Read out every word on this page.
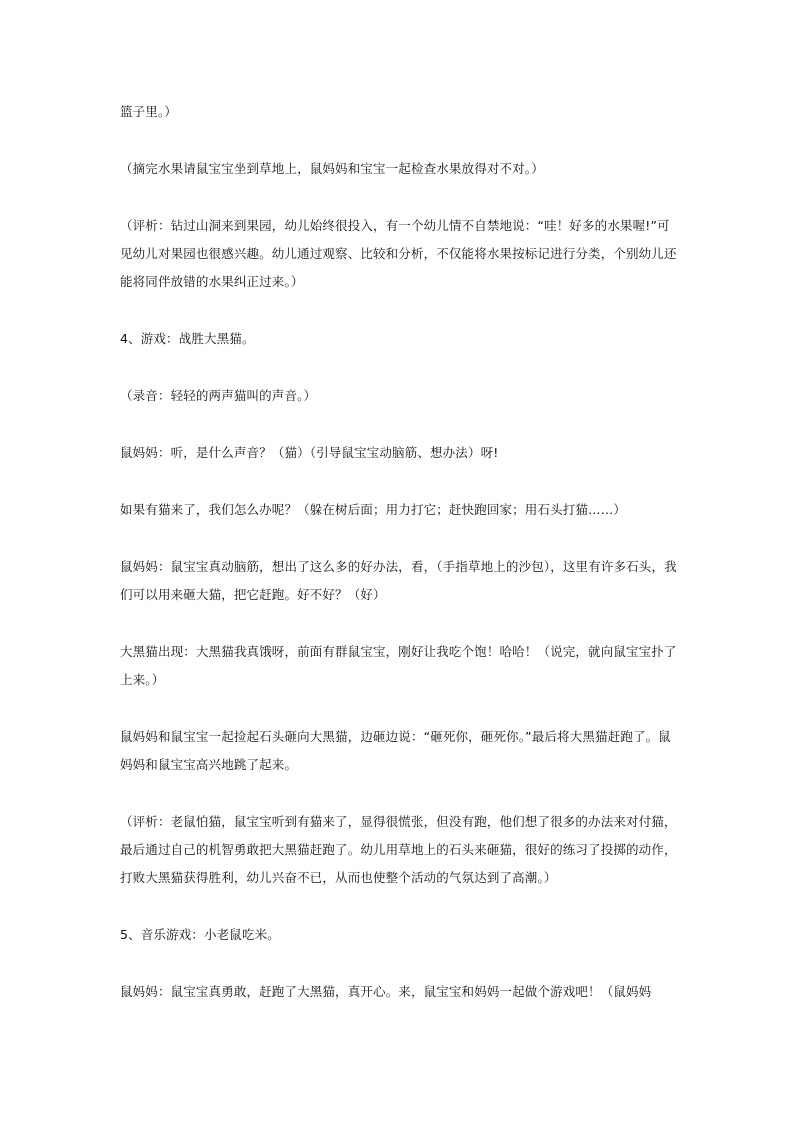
篮子里。）

（摘完水果请鼠宝宝坐到草地上，鼠妈妈和宝宝一起检查水果放得对不对。）

（评析：钻过山洞来到果园，幼儿始终很投入，有一个幼儿情不自禁地说：“哇！好多的水果喔!”可见幼儿对果园也很感兴趣。幼儿通过观察、比较和分析，不仅能将水果按标记进行分类，个别幼儿还能将同伴放错的水果纠正过来。）

4、游戏：战胜大黑猫。

（录音：轻轻的两声猫叫的声音。）

鼠妈妈：听，是什么声音？（猫）（引导鼠宝宝动脑筋、想办法）呀!

如果有猫来了，我们怎么办呢？（躲在树后面；用力打它；赶快跑回家；用石头打猫……）

鼠妈妈：鼠宝宝真动脑筋，想出了这么多的好办法，看，（手指草地上的沙包），这里有许多石头，我们可以用来砸大猫，把它赶跑。好不好？（好）

大黑猫出现：大黑猫我真饿呀，前面有群鼠宝宝，刚好让我吃个饱！哈哈！（说完，就向鼠宝宝扑了上来。）

鼠妈妈和鼠宝宝一起捡起石头砸向大黑猫，边砸边说：“砸死你，砸死你。”最后将大黑猫赶跑了。鼠妈妈和鼠宝宝高兴地跳了起来。

（评析：老鼠怕猫，鼠宝宝听到有猫来了，显得很慌张，但没有跑，他们想了很多的办法来对付猫，最后通过自己的机智勇敢把大黑猫赶跑了。幼儿用草地上的石头来砸猫，很好的练习了投掷的动作，打败大黑猫获得胜利，幼儿兴奋不已，从而也使整个活动的气氛达到了高潮。）

5、音乐游戏：小老鼠吃米。

鼠妈妈：鼠宝宝真勇敢，赶跑了大黑猫，真开心。来，鼠宝宝和妈妈一起做个游戏吧！（鼠妈妈
